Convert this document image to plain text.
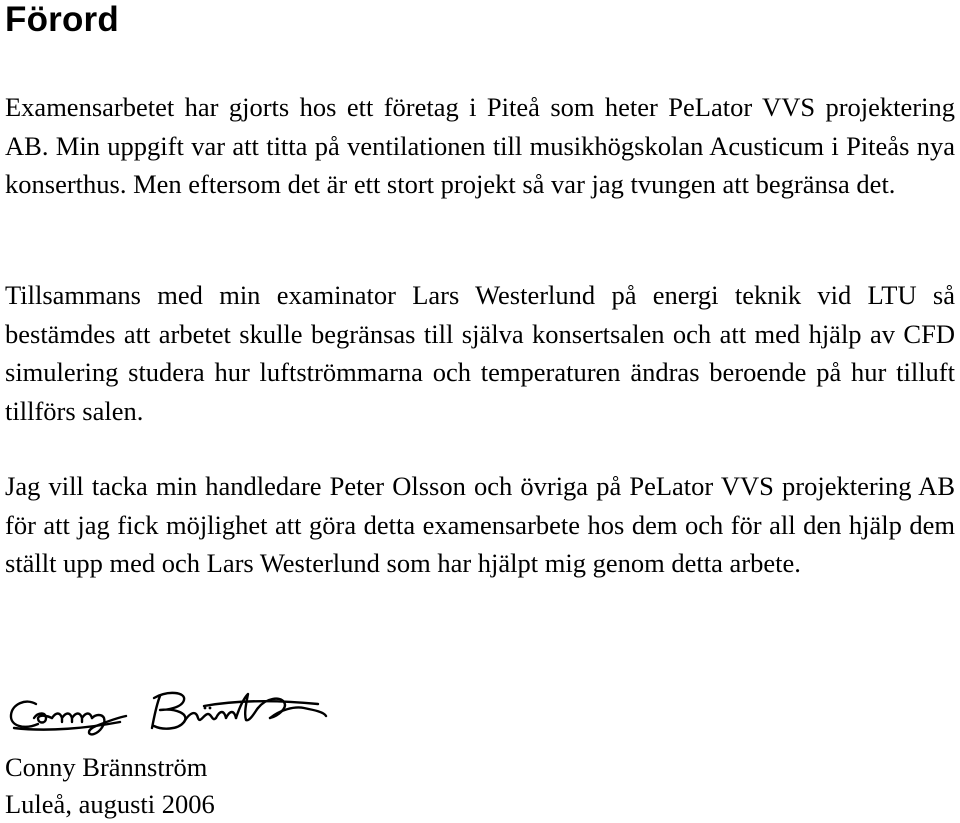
Förord

Examensarbetet har gjorts hos ett företag i Piteå som heter PeLator VVS projektering AB. Min uppgift var att titta på ventilationen till musikhögskolan Acusticum i Piteås nya konserthus. Men eftersom det är ett stort projekt så var jag tvungen att begränsa det.

Tillsammans med min examinator Lars Westerlund på energi teknik vid LTU så bestämdes att arbetet skulle begränsas till själva konsertsalen och att med hjälp av CFD simulering studera hur luftströmmarna och temperaturen ändras beroende på hur tilluft tillförs salen.

Jag vill tacka min handledare Peter Olsson och övriga på PeLator VVS projektering AB för att jag fick möjlighet att göra detta examensarbete hos dem och för all den hjälp dem ställt upp med och Lars Westerlund som har hjälpt mig genom detta arbete.

Conny Brännström

Luleå, augusti 2006
